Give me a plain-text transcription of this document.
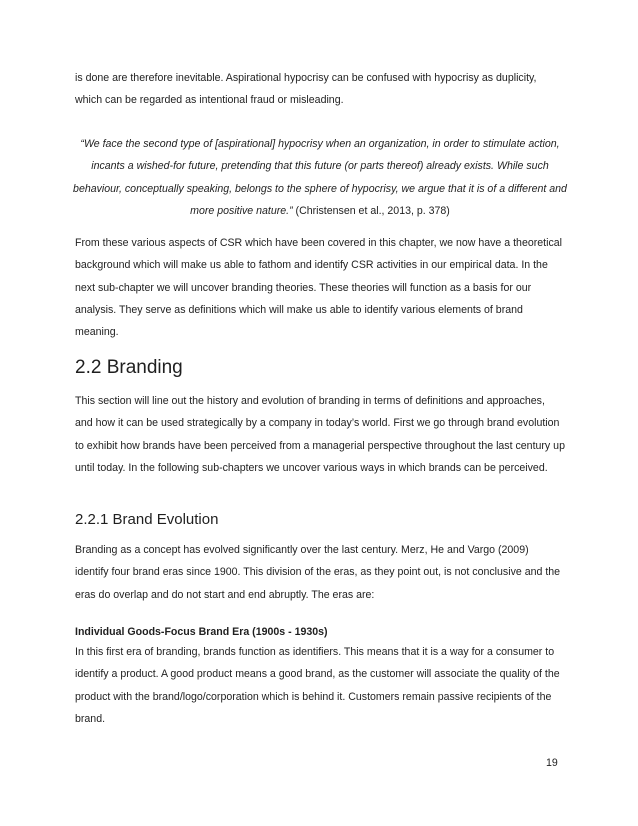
is done are therefore inevitable. Aspirational hypocrisy can be confused with hypocrisy as duplicity, which can be regarded as intentional fraud or misleading.

“We face the second type of [aspirational] hypocrisy when an organization, in order to stimulate action, incants a wished-for future, pretending that this future (or parts thereof) already exists. While such behaviour, conceptually speaking, belongs to the sphere of hypocrisy, we argue that it is of a different and more positive nature.” (Christensen et al., 2013, p. 378)

From these various aspects of CSR which have been covered in this chapter, we now have a theoretical background which will make us able to fathom and identify CSR activities in our empirical data. In the next sub-chapter we will uncover branding theories. These theories will function as a basis for our analysis. They serve as definitions which will make us able to identify various elements of brand meaning.

2.2 Branding

This section will line out the history and evolution of branding in terms of definitions and approaches, and how it can be used strategically by a company in today’s world. First we go through brand evolution to exhibit how brands have been perceived from a managerial perspective throughout the last century up until today. In the following sub-chapters we uncover various ways in which brands can be perceived.

2.2.1 Brand Evolution

Branding as a concept has evolved significantly over the last century. Merz, He and Vargo (2009) identify four brand eras since 1900. This division of the eras, as they point out, is not conclusive and the eras do overlap and do not start and end abruptly. The eras are:

Individual Goods-Focus Brand Era (1900s - 1930s)

In this first era of branding, brands function as identifiers. This means that it is a way for a consumer to identify a product. A good product means a good brand, as the customer will associate the quality of the product with the brand/logo/corporation which is behind it. Customers remain passive recipients of the brand.

19
